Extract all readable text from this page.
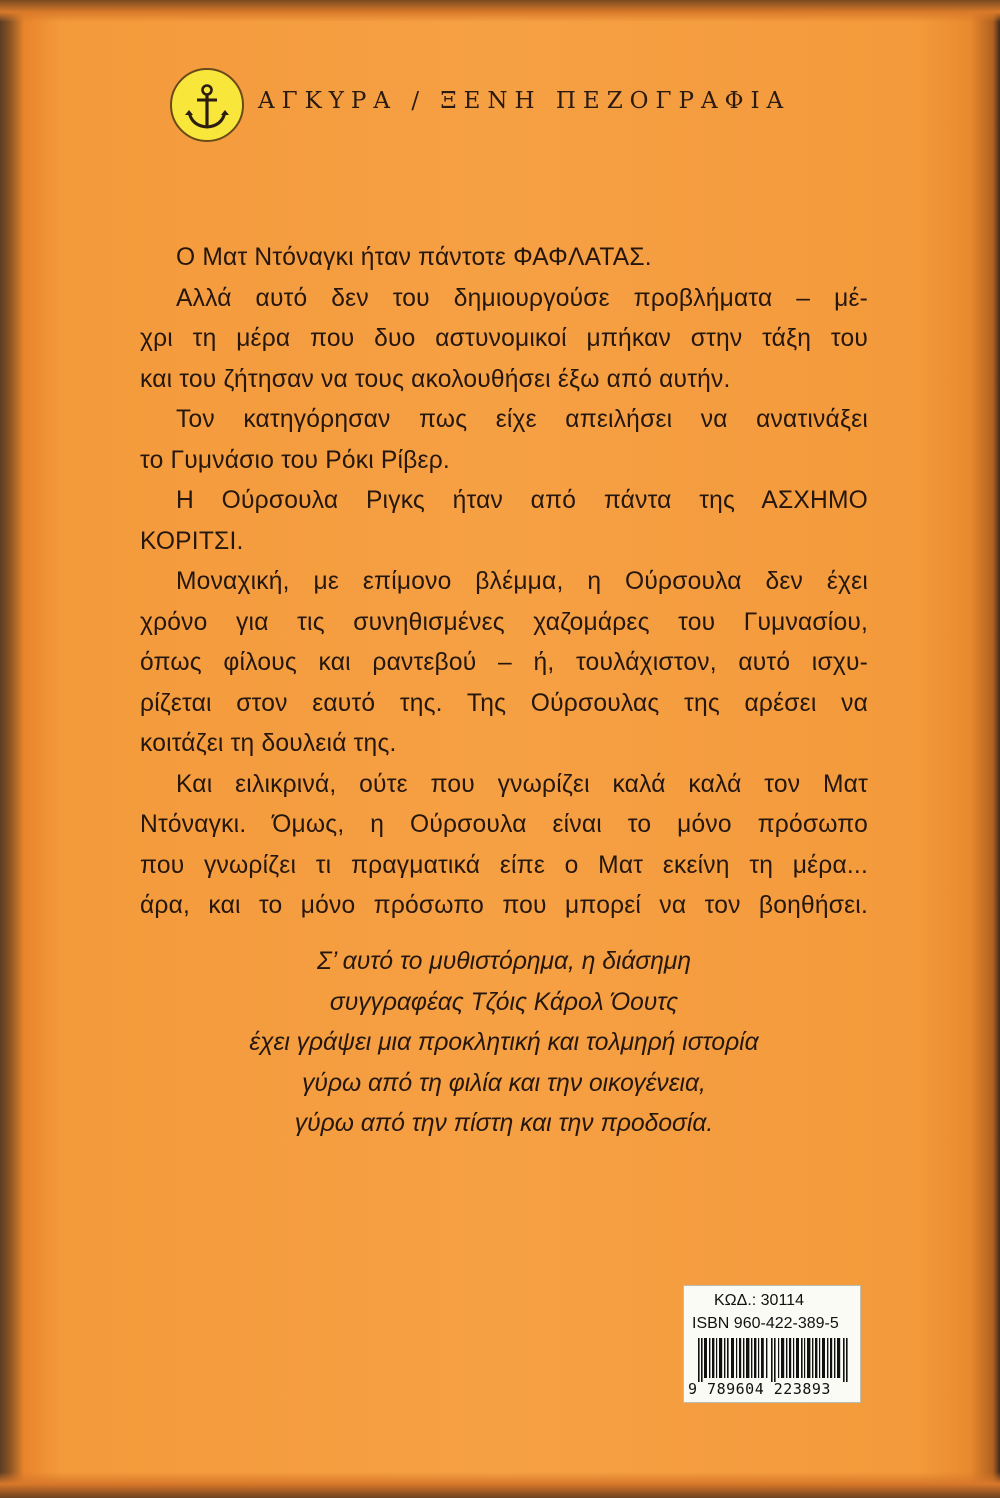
ΑΓΚΥΡΑ / ΞΕΝΗ ΠΕΖΟΓΡΑΦΙΑ

Ο Ματ Ντόναγκι ήταν πάντοτε ΦΑΦΛΑΤΑΣ.

Αλλά αυτό δεν του δημιουργούσε προβλήματα – μέ-
χρι τη μέρα που δυο αστυνομικοί μπήκαν στην τάξη του
και του ζήτησαν να τους ακολουθήσει έξω από αυτήν.

Τον κατηγόρησαν πως είχε απειλήσει να ανατινάξει
το Γυμνάσιο του Ρόκι Ρίβερ.

Η Ούρσουλα Ριγκς ήταν από πάντα της ΑΣΧΗΜΟ
ΚΟΡΙΤΣΙ.

Μοναχική, με επίμονο βλέμμα, η Ούρσουλα δεν έχει
χρόνο για τις συνηθισμένες χαζομάρες του Γυμνασίου,
όπως φίλους και ραντεβού – ή, τουλάχιστον, αυτό ισχυ-
ρίζεται στον εαυτό της. Της Ούρσουλας της αρέσει να
κοιτάζει τη δουλειά της.

Και ειλικρινά, ούτε που γνωρίζει καλά καλά τον Ματ
Ντόναγκι. Όμως, η Ούρσουλα είναι το μόνο πρόσωπο
που γνωρίζει τι πραγματικά είπε ο Ματ εκείνη τη μέρα...
άρα, και το μόνο πρόσωπο που μπορεί να τον βοηθήσει.

Σ’ αυτό το μυθιστόρημα, η διάσημη
συγγραφέας Τζόις Κάρολ Όουτς
έχει γράψει μια προκλητική και τολμηρή ιστορία
γύρω από τη φιλία και την οικογένεια,
γύρω από την πίστη και την προδοσία.
ΚΩΔ.: 30114
ISBN 960-422-389-5
9 789604 223893
